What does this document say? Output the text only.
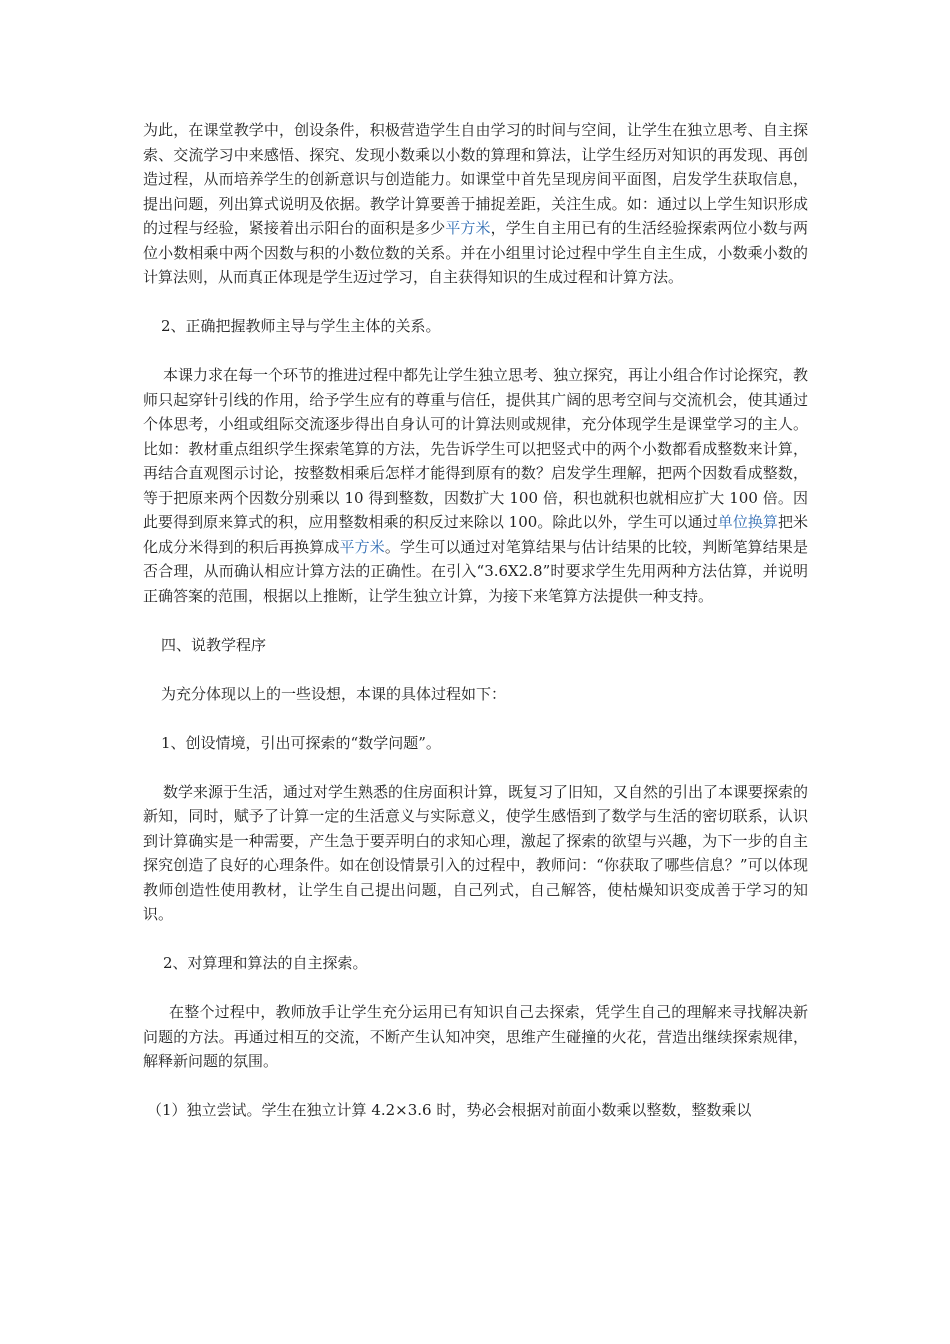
为此，在课堂教学中，创设条件，积极营造学生自由学习的时间与空间，让学生在独立思考、自主探索、交流学习中来感悟、探究、发现小数乘以小数的算理和算法，让学生经历对知识的再发现、再创造过程，从而培养学生的创新意识与创造能力。如课堂中首先呈现房间平面图，启发学生获取信息，提出问题，列出算式说明及依据。教学计算要善于捕捉差距，关注生成。如：通过以上学生知识形成的过程与经验，紧接着出示阳台的面积是多少平方米，学生自主用已有的生活经验探索两位小数与两位小数相乘中两个因数与积的小数位数的关系。并在小组里讨论过程中学生自主生成，小数乘小数的计算法则，从而真正体现是学生迈过学习，自主获得知识的生成过程和计算方法。

2、正确把握教师主导与学生主体的关系。

本课力求在每一个环节的推进过程中都先让学生独立思考、独立探究，再让小组合作讨论探究，教师只起穿针引线的作用，给予学生应有的尊重与信任，提供其广阔的思考空间与交流机会，使其通过个体思考，小组或组际交流逐步得出自身认可的计算法则或规律，充分体现学生是课堂学习的主人。比如：教材重点组织学生探索笔算的方法，先告诉学生可以把竖式中的两个小数都看成整数来计算，再结合直观图示讨论，按整数相乘后怎样才能得到原有的数？启发学生理解，把两个因数看成整数，等于把原来两个因数分别乘以 10 得到整数，因数扩大 100 倍，积也就积也就相应扩大 100 倍。因此要得到原来算式的积，应用整数相乘的积反过来除以 100。除此以外，学生可以通过单位换算把米化成分米得到的积后再换算成平方米。学生可以通过对笔算结果与估计结果的比较，判断笔算结果是否合理，从而确认相应计算方法的正确性。在引入“3.6X2.8”时要求学生先用两种方法估算，并说明正确答案的范围，根据以上推断，让学生独立计算，为接下来笔算方法提供一种支持。

四、说教学程序

为充分体现以上的一些设想，本课的具体过程如下：

1、创设情境，引出可探索的“数学问题”。

数学来源于生活，通过对学生熟悉的住房面积计算，既复习了旧知，又自然的引出了本课要探索的新知，同时，赋予了计算一定的生活意义与实际意义，使学生感悟到了数学与生活的密切联系，认识到计算确实是一种需要，产生急于要弄明白的求知心理，激起了探索的欲望与兴趣，为下一步的自主探究创造了良好的心理条件。如在创设情景引入的过程中，教师问：“你获取了哪些信息？”可以体现教师创造性使用教材，让学生自己提出问题，自己列式，自己解答，使枯燥知识变成善于学习的知识。

2、对算理和算法的自主探索。

在整个过程中，教师放手让学生充分运用已有知识自己去探索，凭学生自己的理解来寻找解决新问题的方法。再通过相互的交流，不断产生认知冲突，思维产生碰撞的火花，营造出继续探索规律，解释新问题的氛围。

（1）独立尝试。学生在独立计算 4.2×3.6 时，势必会根据对前面小数乘以整数，整数乘以
